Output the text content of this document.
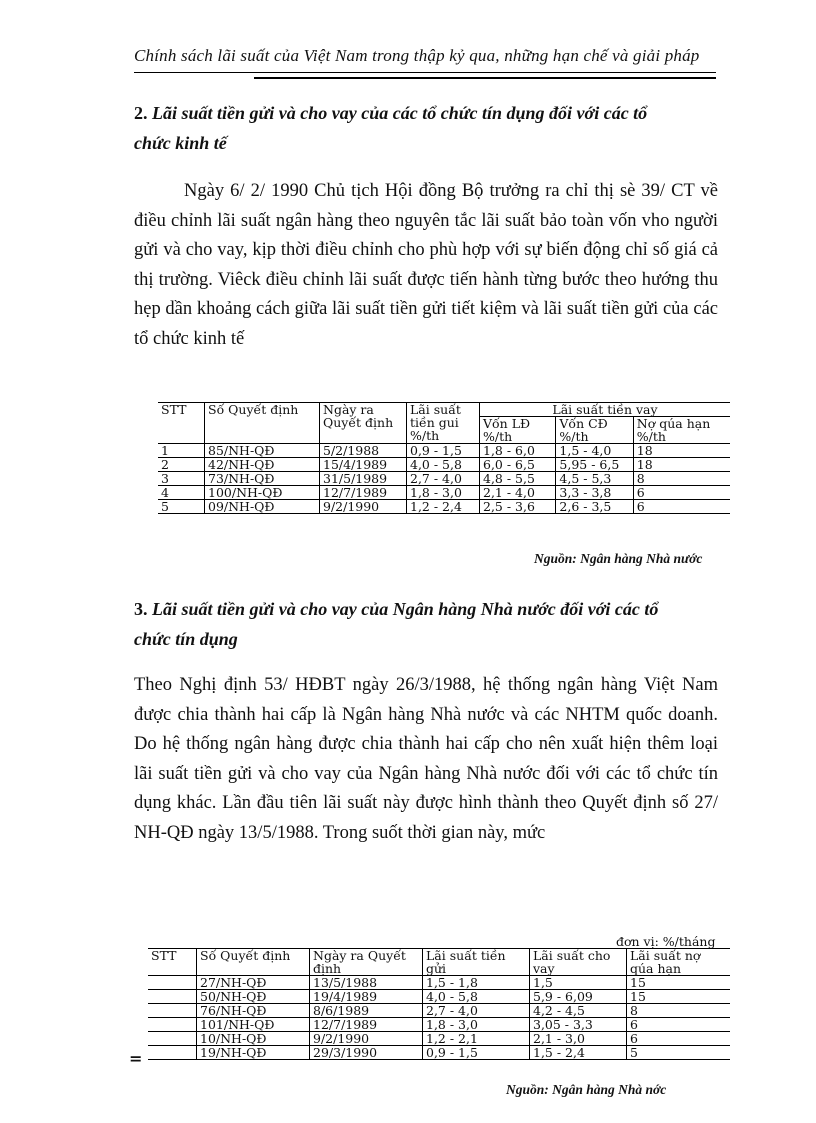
Chính sách lãi suất của Việt Nam trong thập kỷ qua, những hạn chế và giải pháp
2. Lãi suất tiền gửi và cho vay của các tổ chức tín dụng đối với các tổ
chức kinh tế
Ngày 6/ 2/ 1990 Chủ tịch Hội đồng Bộ trưởng ra chỉ thị sè 39/ CT về điều chỉnh lãi suất ngân hàng theo nguyên tắc lãi suất bảo toàn vốn vho người gửi và cho vay, kịp thời điều chỉnh cho phù hợp với sự biến động chỉ số giá cả thị trường. Viêck điều chỉnh lãi suất được tiến hành từng bước theo hướng thu hẹp dần khoảng cách giữa lãi suất tiền gửi tiết kiệm và lãi suất tiền gửi của các tổ chức kinh tế
STT	Số Quyết định	Ngày ra Quyết định	Lãi suất tiền gui %/th	Lãi suất tiền vay		
				Vốn LĐ %/th	Vốn CĐ %/th	Nợ qúa hạn %/th
1	85/NH-QĐ	5/2/1988	0,9 - 1,5	1,8 - 6,0	1,5 - 4,0	18
2	42/NH-QĐ	15/4/1989	4,0 - 5,8	6,0 - 6,5	5,95 - 6,5	18
3	73/NH-QĐ	31/5/1989	2,7 - 4,0	4,8 - 5,5	4,5 - 5,3	8
4	100/NH-QĐ	12/7/1989	1,8 - 3,0	2,1 - 4,0	3,3 - 3,8	6
5	09/NH-QĐ	9/2/1990	1,2 - 2,4	2,5 - 3,6	2,6 - 3,5	6
Nguồn: Ngân hàng Nhà nước
3. Lãi suất tiền gửi và cho vay của Ngân hàng Nhà nước đối với các tổ
chức tín dụng
Theo Nghị định 53/ HĐBT ngày 26/3/1988, hệ thống ngân hàng Việt Nam được chia thành hai cấp là Ngân hàng Nhà nước và các NHTM quốc doanh. Do hệ thống ngân hàng được chia thành hai cấp cho nên xuất hiện thêm loại lãi suất tiền gửi và cho vay của Ngân hàng Nhà nước đối với các tổ chức tín dụng khác. Lần đầu tiên lãi suất này được hình thành theo Quyết định số 27/ NH-QĐ ngày 13/5/1988. Trong suốt thời gian này, mức
đơn vị: %/tháng
STT	Số Quyết định	Ngày ra Quyết định	Lãi suất tiền gửi	Lãi suất cho vay	Lãi suất nợ qúa hạn
	27/NH-QĐ	13/5/1988	1,5 - 1,8	1,5	15
	50/NH-QĐ	19/4/1989	4,0 - 5,8	5,9 - 6,09	15
	76/NH-QĐ	8/6/1989	2,7 - 4,0	4,2 - 4,5	8
	101/NH-QĐ	12/7/1989	1,8 - 3,0	3,05 - 3,3	6
	10/NH-QĐ	9/2/1990	1,2 - 2,1	2,1 - 3,0	6
	19/NH-QĐ	29/3/1990	0,9 - 1,5	1,5 - 2,4	5
=
Nguồn: Ngân hàng Nhà nớc
